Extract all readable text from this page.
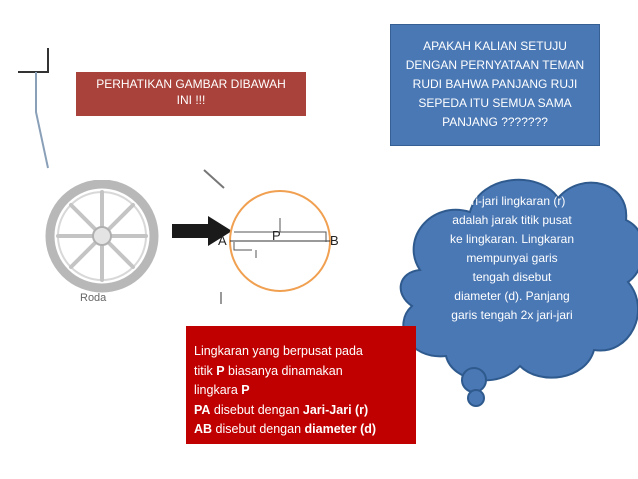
PERHATIKAN GAMBAR DIBAWAH
INI !!!
APAKAH KALIAN SETUJU
DENGAN PERNYATAAN TEMAN
RUDI BAHWA PANJANG RUJI
SEPEDA ITU SEMUA SAMA
PANJANG ???????
Roda
A	P	B
Jari-jari lingkaran (r)
adalah jarak titik pusat
ke lingkaran. Lingkaran
mempunyai garis
tengah disebut
diameter (d). Panjang
garis tengah 2x jari-jari
Lingkaran yang berpusat pada
titik P biasanya dinamakan
lingkara P
PA disebut dengan Jari-Jari (r)
AB disebut dengan diameter (d)
